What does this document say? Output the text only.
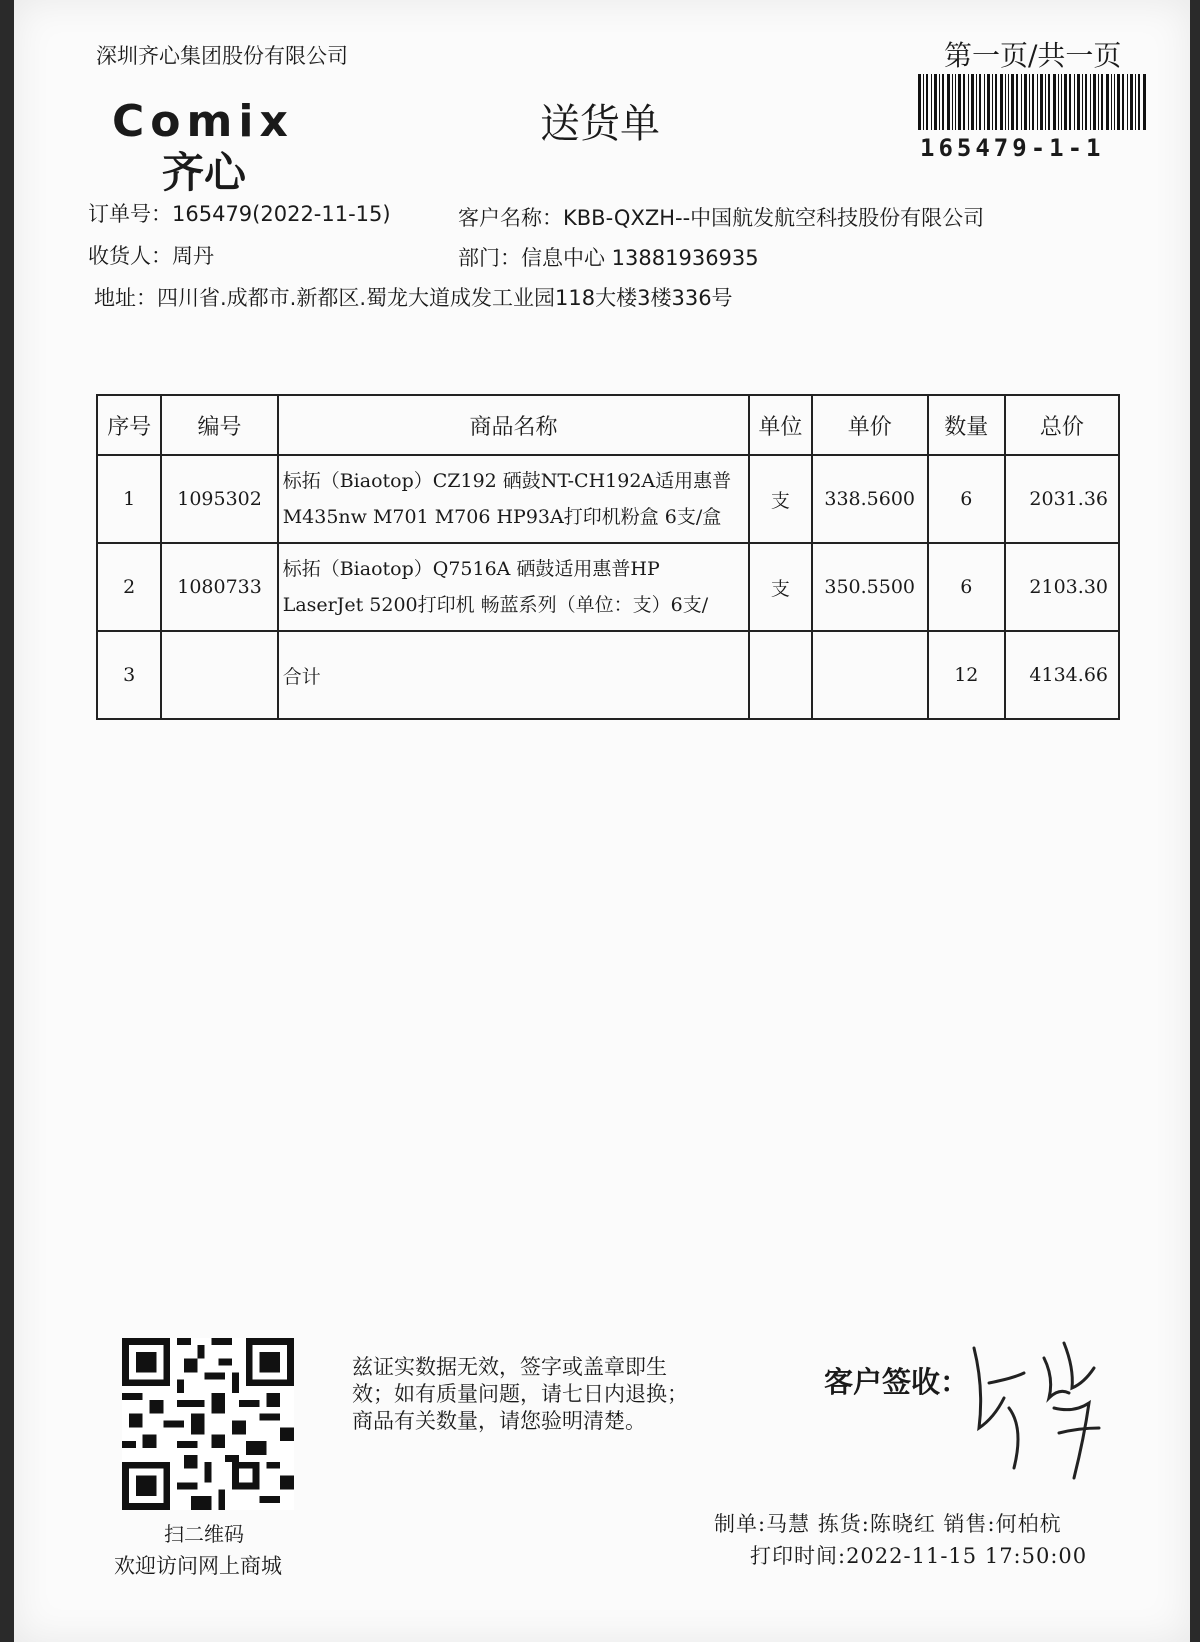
深圳齐心集团股份有限公司
Comix
齐心
送货单
第一页/共一页
165479-1-1
订单号：165479(2022-11-15)	客户名称：KBB-QXZH--中国航发航空科技股份有限公司
收货人：周丹	部门：信息中心 13881936935
地址：四川省.成都市.新都区.蜀龙大道成发工业园118大楼3楼336号
序号	编号	商品名称	单位	单价	数量	总价
1	1095302	标拓（Biaotop）CZ192 硒鼓NT-CH192A适用惠普M435nw M701 M706 HP93A打印机粉盒 6支/盒	支	338.5600	6	2031.36
2	1080733	标拓（Biaotop）Q7516A 硒鼓适用惠普HP LaserJet 5200打印机 畅蓝系列（单位：支）6支/	支	350.5500	6	2103.30
3		合计			12	4134.66
扫二维码
欢迎访问网上商城
兹证实数据无效，签字或盖章即生
效；如有质量问题，请七日内退换；
商品有关数量，请您验明清楚。
客户签收：
制单:马慧 拣货:陈晓红 销售:何柏杭
打印时间:2022-11-15 17:50:00
